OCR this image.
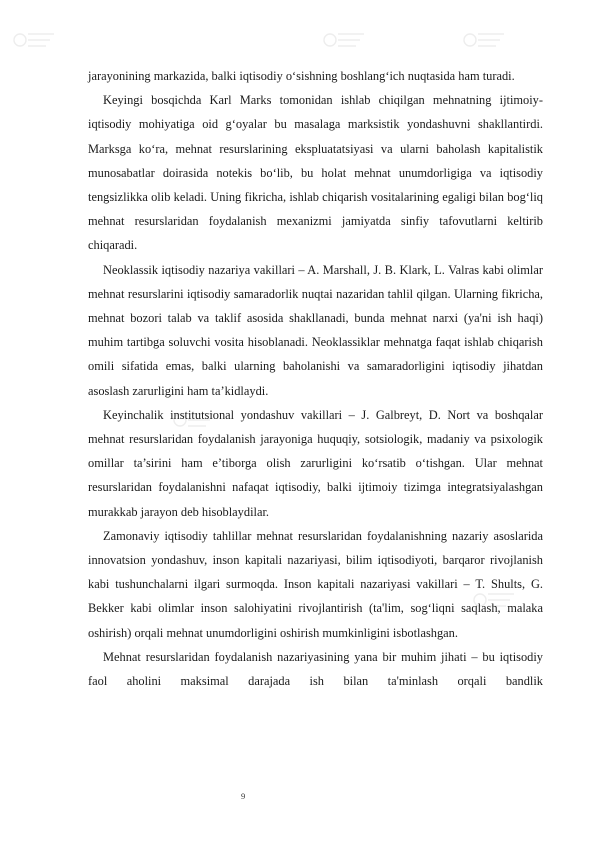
jarayonining markazida, balki iqtisodiy o‘sishning boshlang‘ich nuqtasida ham turadi.

Keyingi bosqichda Karl Marks tomonidan ishlab chiqilgan mehnatning ijtimoiy-iqtisodiy mohiyatiga oid g‘oyalar bu masalaga marksistik yondashuvni shakllantirdi. Marksga ko‘ra, mehnat resurslarining ekspluatatsiyasi va ularni baholash kapitalistik munosabatlar doirasida notekis bo‘lib, bu holat mehnat unumdorligiga va iqtisodiy tengsizlikka olib keladi. Uning fikricha, ishlab chiqarish vositalarining egaligi bilan bog‘liq mehnat resurslaridan foydalanish mexanizmi jamiyatda sinfiy tafovutlarni keltirib chiqaradi.

Neoklassik iqtisodiy nazariya vakillari – A. Marshall, J. B. Klark, L. Valras kabi olimlar mehnat resurslarini iqtisodiy samaradorlik nuqtai nazaridan tahlil qilgan. Ularning fikricha, mehnat bozori talab va taklif asosida shakllanadi, bunda mehnat narxi (ya'ni ish haqi) muhim tartibga soluvchi vosita hisoblanadi. Neoklassiklar mehnatga faqat ishlab chiqarish omili sifatida emas, balki ularning baholanishi va samaradorligini iqtisodiy jihatdan asoslash zarurligini ham ta’kidlaydi.

Keyinchalik institutsional yondashuv vakillari – J. Galbreyt, D. Nort va boshqalar mehnat resurslaridan foydalanish jarayoniga huquqiy, sotsiologik, madaniy va psixologik omillar ta’sirini ham e’tiborga olish zarurligini ko‘rsatib o‘tishgan. Ular mehnat resurslaridan foydalanishni nafaqat iqtisodiy, balki ijtimoiy tizimga integratsiyalashgan murakkab jarayon deb hisoblaydilar.

Zamonaviy iqtisodiy tahlillar mehnat resurslaridan foydalanishning nazariy asoslarida innovatsion yondashuv, inson kapitali nazariyasi, bilim iqtisodiyoti, barqaror rivojlanish kabi tushunchalarni ilgari surmoqda. Inson kapitali nazariyasi vakillari – T. Shults, G. Bekker kabi olimlar inson salohiyatini rivojlantirish (ta'lim, sog‘liqni saqlash, malaka oshirish) orqali mehnat unumdorligini oshirish mumkinligini isbotlashgan.

Mehnat resurslaridan foydalanish nazariyasining yana bir muhim jihati – bu iqtisodiy faol aholini maksimal darajada ish bilan ta'minlash orqali bandlik

9
